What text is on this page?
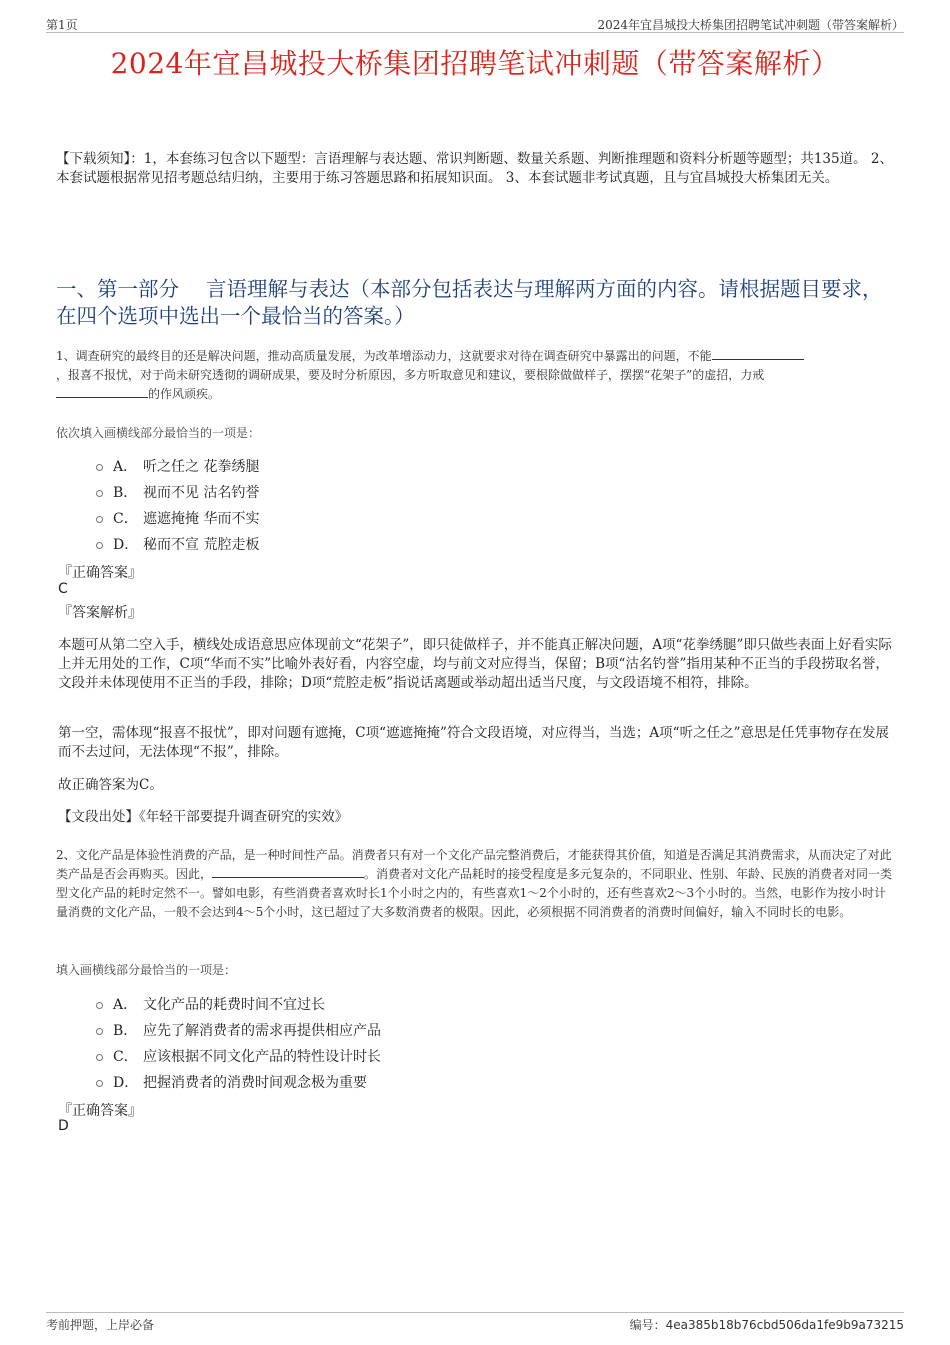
第1页	2024年宜昌城投大桥集团招聘笔试冲刺题（带答案解析）
2024年宜昌城投大桥集团招聘笔试冲刺题（带答案解析）
【下载须知】：1，本套练习包含以下题型：言语理解与表达题、常识判断题、数量关系题、判断推理题和资料分析题等题型；共135道。 2、本套试题根据常见招考题总结归纳，主要用于练习答题思路和拓展知识面。 3、本套试题非考试真题，且与宜昌城投大桥集团无关。
一、第一部分　 言语理解与表达（本部分包括表达与理解两方面的内容。请根据题目要求，在四个选项中选出一个最恰当的答案。）
1、调查研究的最终目的还是解决问题，推动高质量发展，为改革增添动力，这就要求对待在调查研究中暴露出的问题，不能
，报喜不报忧，对于尚未研究透彻的调研成果，要及时分析原因，多方听取意见和建议，要根除做做样子，摆摆“花架子”的虚招，力戒
的作风顽疾。
依次填入画横线部分最恰当的一项是：
A． 听之任之 花拳绣腿
B． 视而不见 沽名钓誉
C． 遮遮掩掩 华而不实
D． 秘而不宣 荒腔走板
『正确答案』
C
『答案解析』
本题可从第二空入手，横线处成语意思应体现前文“花架子”，即只徒做样子，并不能真正解决问题，A项“花拳绣腿”即只做些表面上好看实际上并无用处的工作，C项“华而不实”比喻外表好看，内容空虚，均与前文对应得当，保留；B项“沽名钓誉”指用某种不正当的手段捞取名誉，文段并未体现使用不正当的手段，排除；D项“荒腔走板”指说话离题或举动超出适当尺度，与文段语境不相符，排除。
第一空，需体现“报喜不报忧”，即对问题有遮掩，C项“遮遮掩掩”符合文段语境，对应得当，当选；A项“听之任之”意思是任凭事物存在发展而不去过问，无法体现“不报”，排除。
故正确答案为C。
【文段出处】《年轻干部要提升调查研究的实效》
2、文化产品是体验性消费的产品，是一种时间性产品。消费者只有对一个文化产品完整消费后，才能获得其价值，知道是否满足其消费需求，从而决定了对此类产品是否会再购买。因此，	。消费者对文化产品耗时的接受程度是多元复杂的，不同职业、性别、年龄、民族的消费者对同一类型文化产品的耗时定然不一。譬如电影，有些消费者喜欢时长1个小时之内的，有些喜欢1～2个小时的，还有些喜欢2～3个小时的。当然，电影作为按小时计量消费的文化产品，一般不会达到4～5个小时，这已超过了大多数消费者的极限。因此，必须根据不同消费者的消费时间偏好，输入不同时长的电影。
填入画横线部分最恰当的一项是：
A． 文化产品的耗费时间不宜过长
B． 应先了解消费者的需求再提供相应产品
C． 应该根据不同文化产品的特性设计时长
D． 把握消费者的消费时间观念极为重要
『正确答案』
D
考前押题，上岸必备	编号：4ea385b18b76cbd506da1fe9b9a73215
